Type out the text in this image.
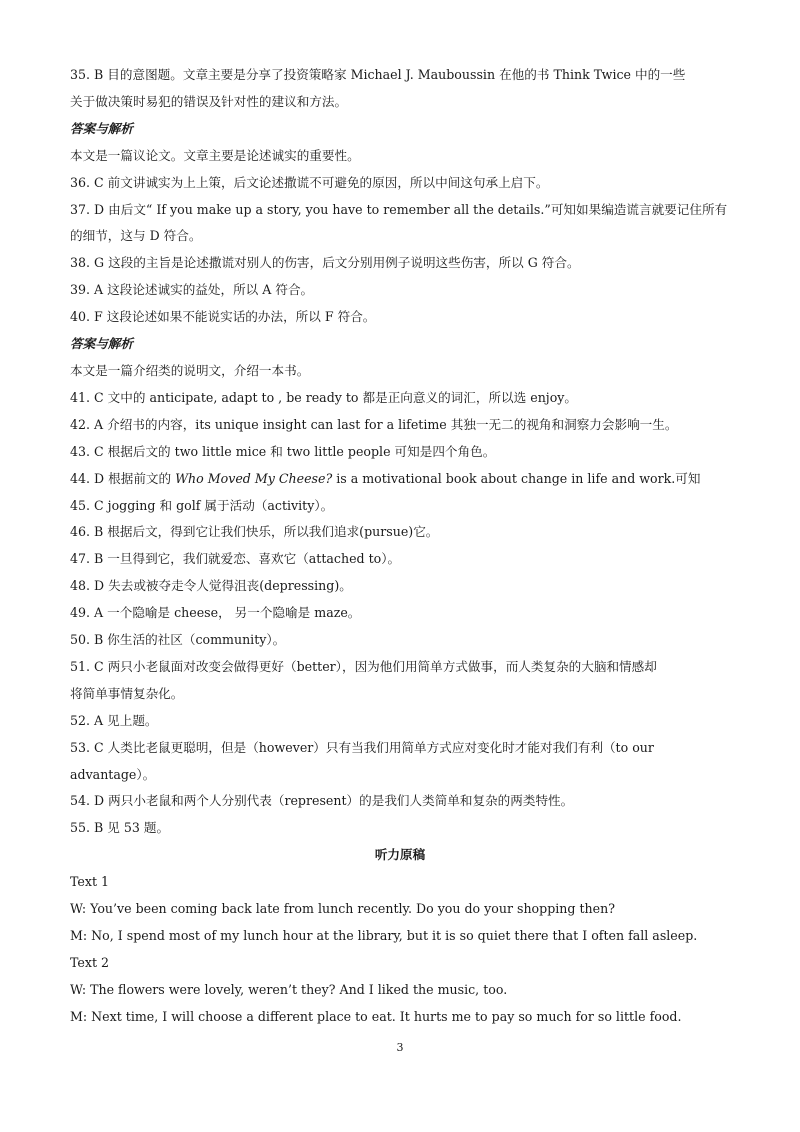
35. B 目的意图题。文章主要是分享了投资策略家 Michael J. Mauboussin 在他的书 Think Twice 中的一些
关于做决策时易犯的错误及针对性的建议和方法。
答案与解析
本文是一篇议论文。文章主要是论述诚实的重要性。
36. C 前文讲诚实为上上策，后文论述撒谎不可避免的原因，所以中间这句承上启下。
37. D 由后文“ If you make up a story, you have to remember all the details.”可知如果编造谎言就要记住所有
的细节，这与 D 符合。
38. G 这段的主旨是论述撒谎对别人的伤害，后文分别用例子说明这些伤害，所以 G 符合。
39. A 这段论述诚实的益处，所以 A 符合。
40. F 这段论述如果不能说实话的办法，所以 F 符合。
答案与解析
本文是一篇介绍类的说明文，介绍一本书。
41. C 文中的 anticipate, adapt to , be ready to 都是正向意义的词汇，所以选 enjoy。
42. A 介绍书的内容，its unique insight can last for a lifetime 其独一无二的视角和洞察力会影响一生。
43. C 根据后文的 two little mice 和 two little people 可知是四个角色。
44. D 根据前文的 Who Moved My Cheese? is a motivational book about change in life and work.可知
45. C jogging 和 golf 属于活动（activity）。
46. B 根据后文，得到它让我们快乐，所以我们追求(pursue)它。
47. B 一旦得到它，我们就爱恋、喜欢它（attached to）。
48. D 失去或被夺走令人觉得沮丧(depressing)。
49. A 一个隐喻是 cheese， 另一个隐喻是 maze。
50. B 你生活的社区（community）。
51. C 两只小老鼠面对改变会做得更好（better），因为他们用简单方式做事，而人类复杂的大脑和情感却
将简单事情复杂化。
52. A 见上题。
53. C 人类比老鼠更聪明，但是（however）只有当我们用简单方式应对变化时才能对我们有利（to our
advantage）。
54. D 两只小老鼠和两个人分别代表（represent）的是我们人类简单和复杂的两类特性。
55. B 见 53 题。
听力原稿
Text 1
W: You’ve been coming back late from lunch recently. Do you do your shopping then?
M: No, I spend most of my lunch hour at the library, but it is so quiet there that I often fall asleep.
Text 2
W: The flowers were lovely, weren’t they? And I liked the music, too.
M: Next time, I will choose a different place to eat. It hurts me to pay so much for so little food.
3
